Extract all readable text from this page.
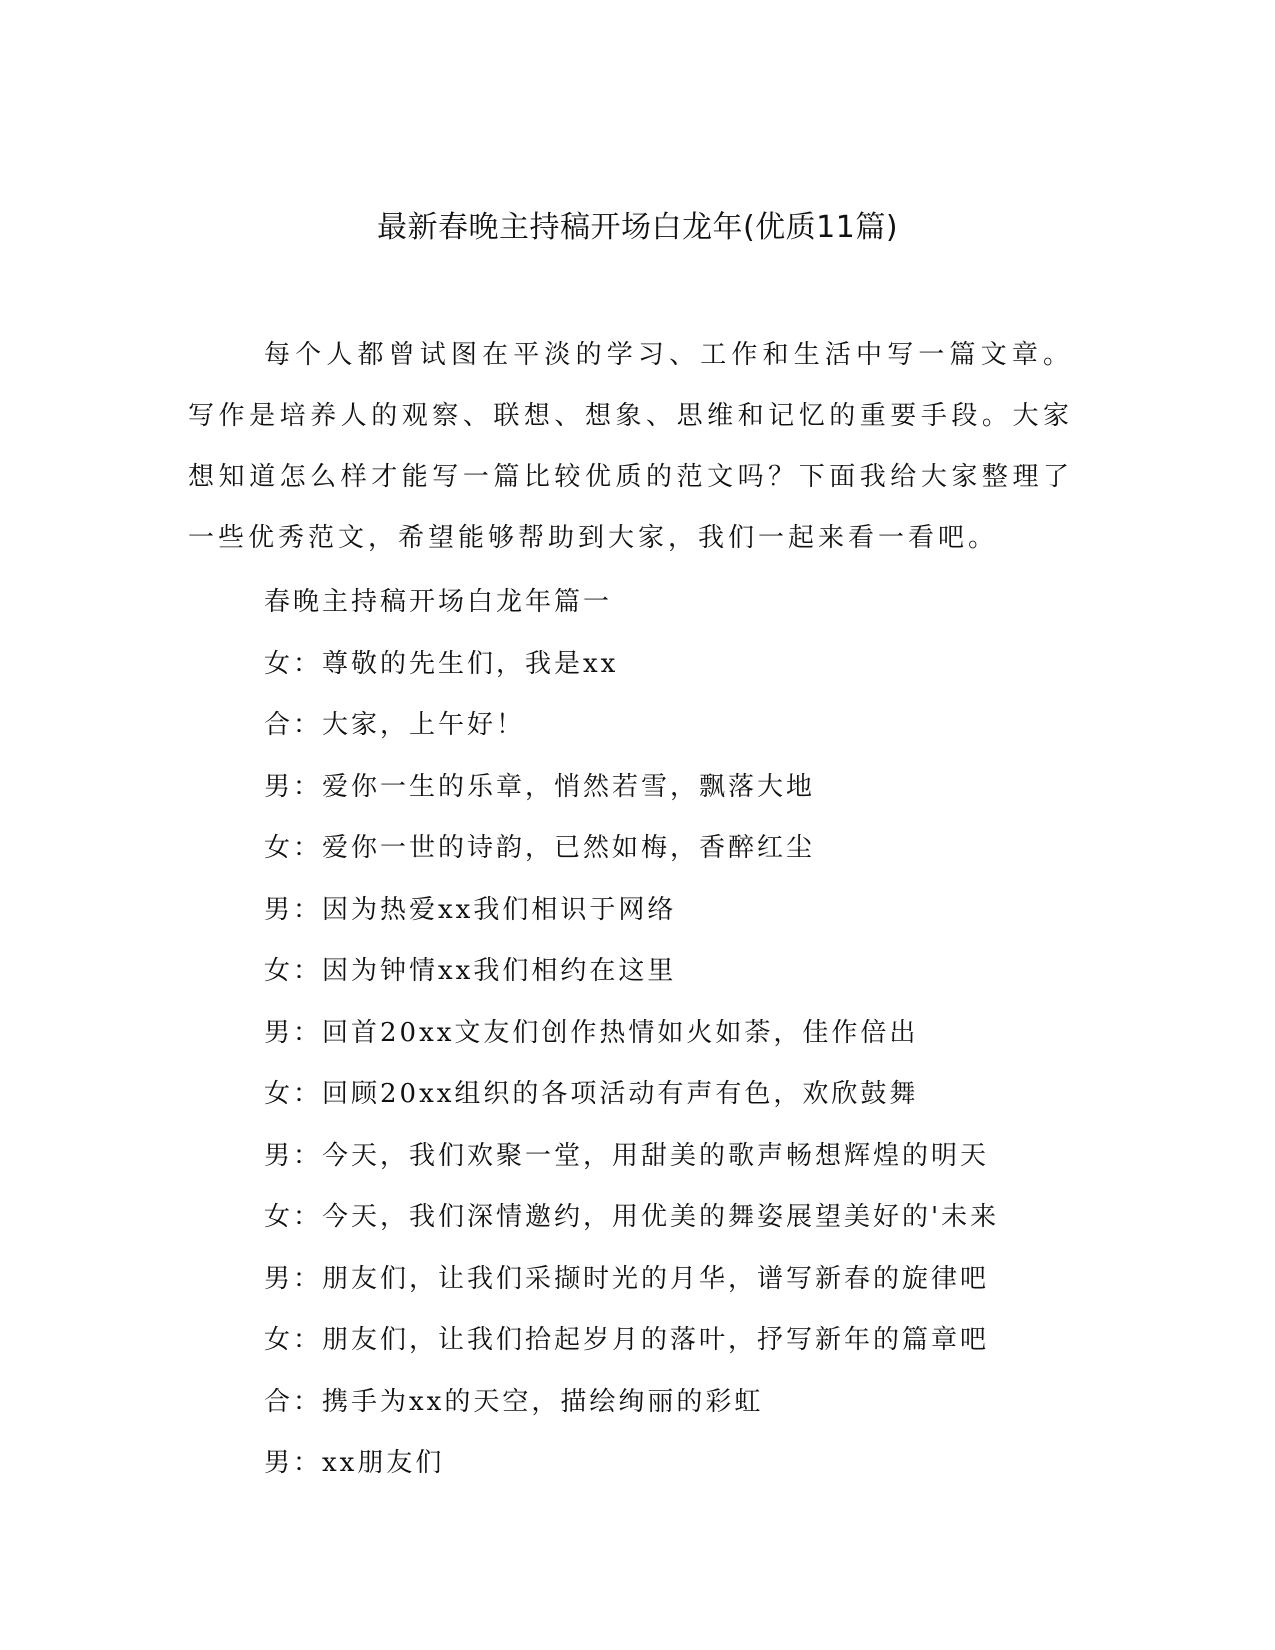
最新春晚主持稿开场白龙年(优质11篇)

每个人都曾试图在平淡的学习、工作和生活中写一篇文章。写作是培养人的观察、联想、想象、思维和记忆的重要手段。大家想知道怎么样才能写一篇比较优质的范文吗？下面我给大家整理了一些优秀范文，希望能够帮助到大家，我们一起来看一看吧。

春晚主持稿开场白龙年篇一
女：尊敬的先生们，我是xx
合：大家，上午好！
男：爱你一生的乐章，悄然若雪，飘落大地
女：爱你一世的诗韵，已然如梅，香醉红尘
男：因为热爱xx我们相识于网络
女：因为钟情xx我们相约在这里
男：回首20xx文友们创作热情如火如荼，佳作倍出
女：回顾20xx组织的各项活动有声有色，欢欣鼓舞
男：今天，我们欢聚一堂，用甜美的歌声畅想辉煌的明天
女：今天，我们深情邀约，用优美的舞姿展望美好的'未来
男：朋友们，让我们采撷时光的月华，谱写新春的旋律吧
女：朋友们，让我们拾起岁月的落叶，抒写新年的篇章吧
合：携手为xx的天空，描绘绚丽的彩虹
男：xx朋友们
